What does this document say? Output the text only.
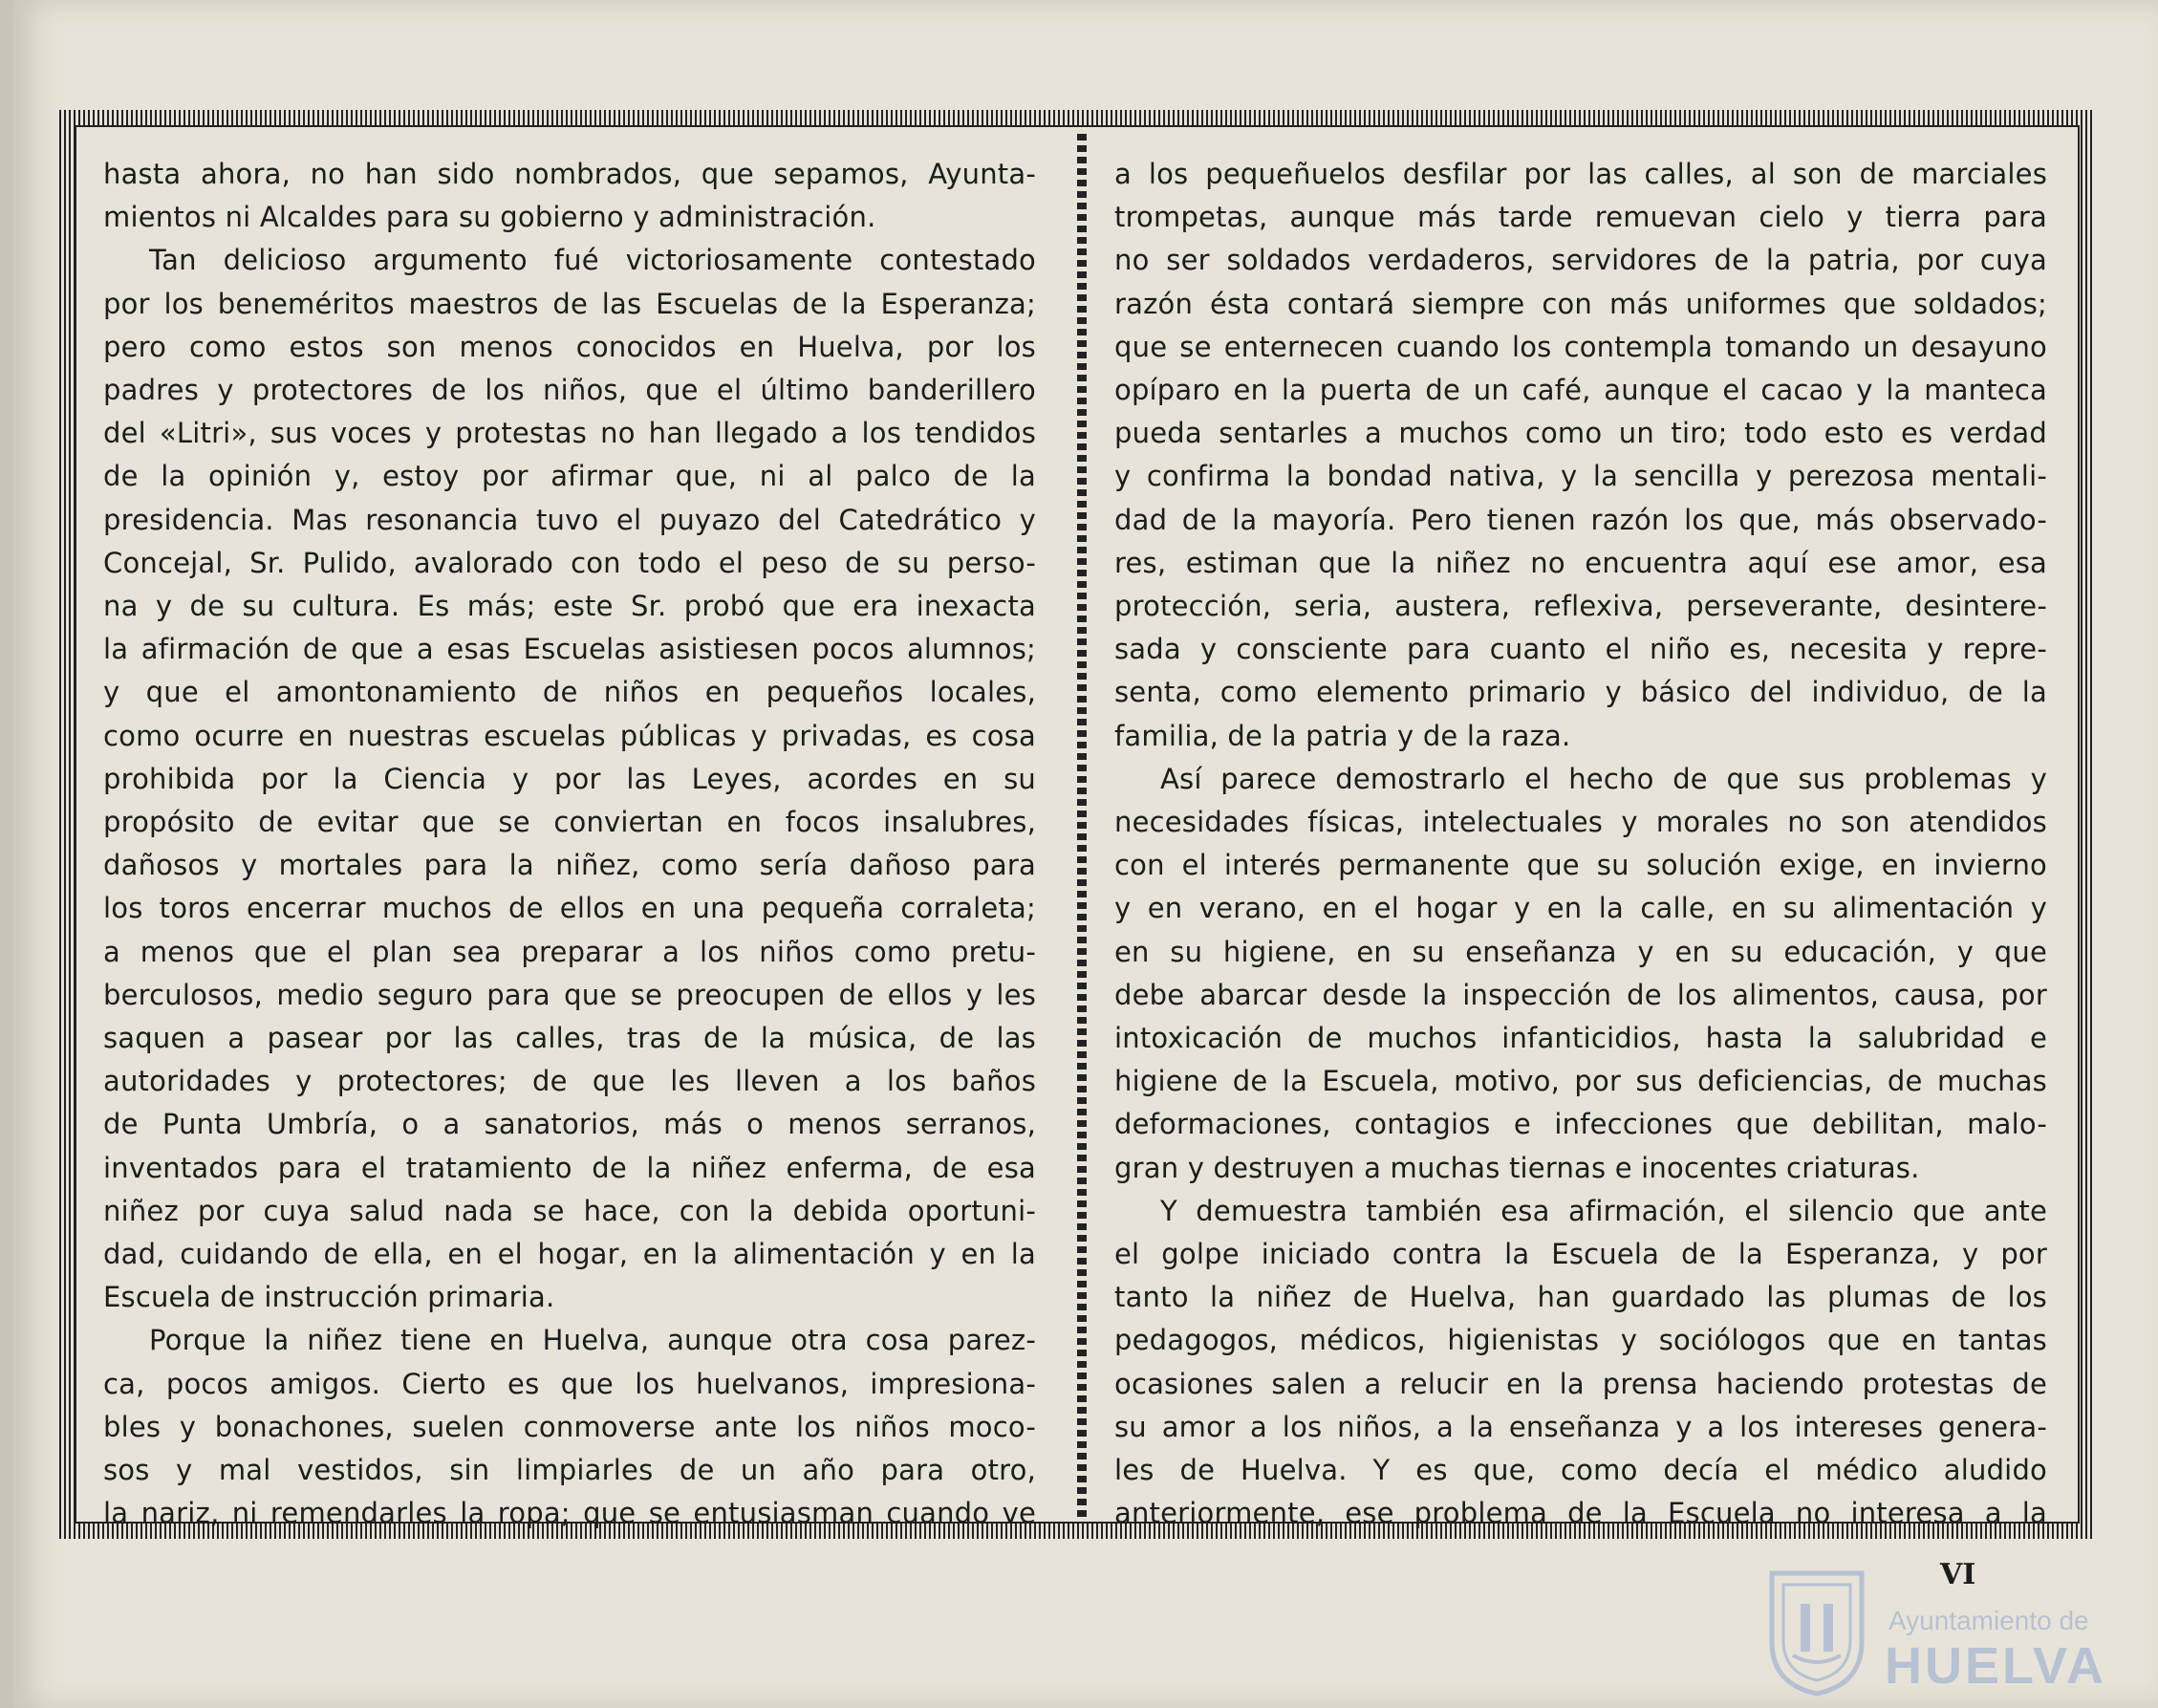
hasta ahora, no han sido nombrados, que sepamos, Ayunta-
mientos ni Alcaldes para su gobierno y administración.

Tan delicioso argumento fué victoriosamente contestado
por los beneméritos maestros de las Escuelas de la Esperanza;
pero como estos son menos conocidos en Huelva, por los
padres y protectores de los niños, que el último banderillero
del «Litri», sus voces y protestas no han llegado a los tendidos
de la opinión y, estoy por afirmar que, ni al palco de la
presidencia. Mas resonancia tuvo el puyazo del Catedrático y
Concejal, Sr. Pulido, avalorado con todo el peso de su perso-
na y de su cultura. Es más; este Sr. probó que era inexacta
la afirmación de que a esas Escuelas asistiesen pocos alumnos;
y que el amontonamiento de niños en pequeños locales,
como ocurre en nuestras escuelas públicas y privadas, es cosa
prohibida por la Ciencia y por las Leyes, acordes en su
propósito de evitar que se conviertan en focos insalubres,
dañosos y mortales para la niñez, como sería dañoso para
los toros encerrar muchos de ellos en una pequeña corraleta;
a menos que el plan sea preparar a los niños como pretu-
berculosos, medio seguro para que se preocupen de ellos y les
saquen a pasear por las calles, tras de la música, de las
autoridades y protectores; de que les lleven a los baños
de Punta Umbría, o a sanatorios, más o menos serranos,
inventados para el tratamiento de la niñez enferma, de esa
niñez por cuya salud nada se hace, con la debida oportuni-
dad, cuidando de ella, en el hogar, en la alimentación y en la
Escuela de instrucción primaria.

Porque la niñez tiene en Huelva, aunque otra cosa parez-
ca, pocos amigos. Cierto es que los huelvanos, impresiona-
bles y bonachones, suelen conmoverse ante los niños moco-
sos y mal vestidos, sin limpiarles de un año para otro,
la nariz, ni remendarles la ropa; que se entusiasman cuando ve

a los pequeñuelos desfilar por las calles, al son de marciales
trompetas, aunque más tarde remuevan cielo y tierra para
no ser soldados verdaderos, servidores de la patria, por cuya
razón ésta contará siempre con más uniformes que soldados;
que se enternecen cuando los contempla tomando un desayuno
opíparo en la puerta de un café, aunque el cacao y la manteca
pueda sentarles a muchos como un tiro; todo esto es verdad
y confirma la bondad nativa, y la sencilla y perezosa mentali-
dad de la mayoría. Pero tienen razón los que, más observado-
res, estiman que la niñez no encuentra aquí ese amor, esa
protección, seria, austera, reflexiva, perseverante, desintere-
sada y consciente para cuanto el niño es, necesita y repre-
senta, como elemento primario y básico del individuo, de la
familia, de la patria y de la raza.

Así parece demostrarlo el hecho de que sus problemas y
necesidades físicas, intelectuales y morales no son atendidos
con el interés permanente que su solución exige, en invierno
y en verano, en el hogar y en la calle, en su alimentación y
en su higiene, en su enseñanza y en su educación, y que
debe abarcar desde la inspección de los alimentos, causa, por
intoxicación de muchos infanticidios, hasta la salubridad e
higiene de la Escuela, motivo, por sus deficiencias, de muchas
deformaciones, contagios e infecciones que debilitan, malo-
gran y destruyen a muchas tiernas e inocentes criaturas.

Y demuestra también esa afirmación, el silencio que ante
el golpe iniciado contra la Escuela de la Esperanza, y por
tanto la niñez de Huelva, han guardado las plumas de los
pedagogos, médicos, higienistas y sociólogos que en tantas
ocasiones salen a relucir en la prensa haciendo protestas de
su amor a los niños, a la enseñanza y a los intereses genera-
les de Huelva. Y es que, como decía el médico aludido
anteriormente, ese problema de la Escuela no interesa a la

VI
Ayuntamiento de
HUELVA
